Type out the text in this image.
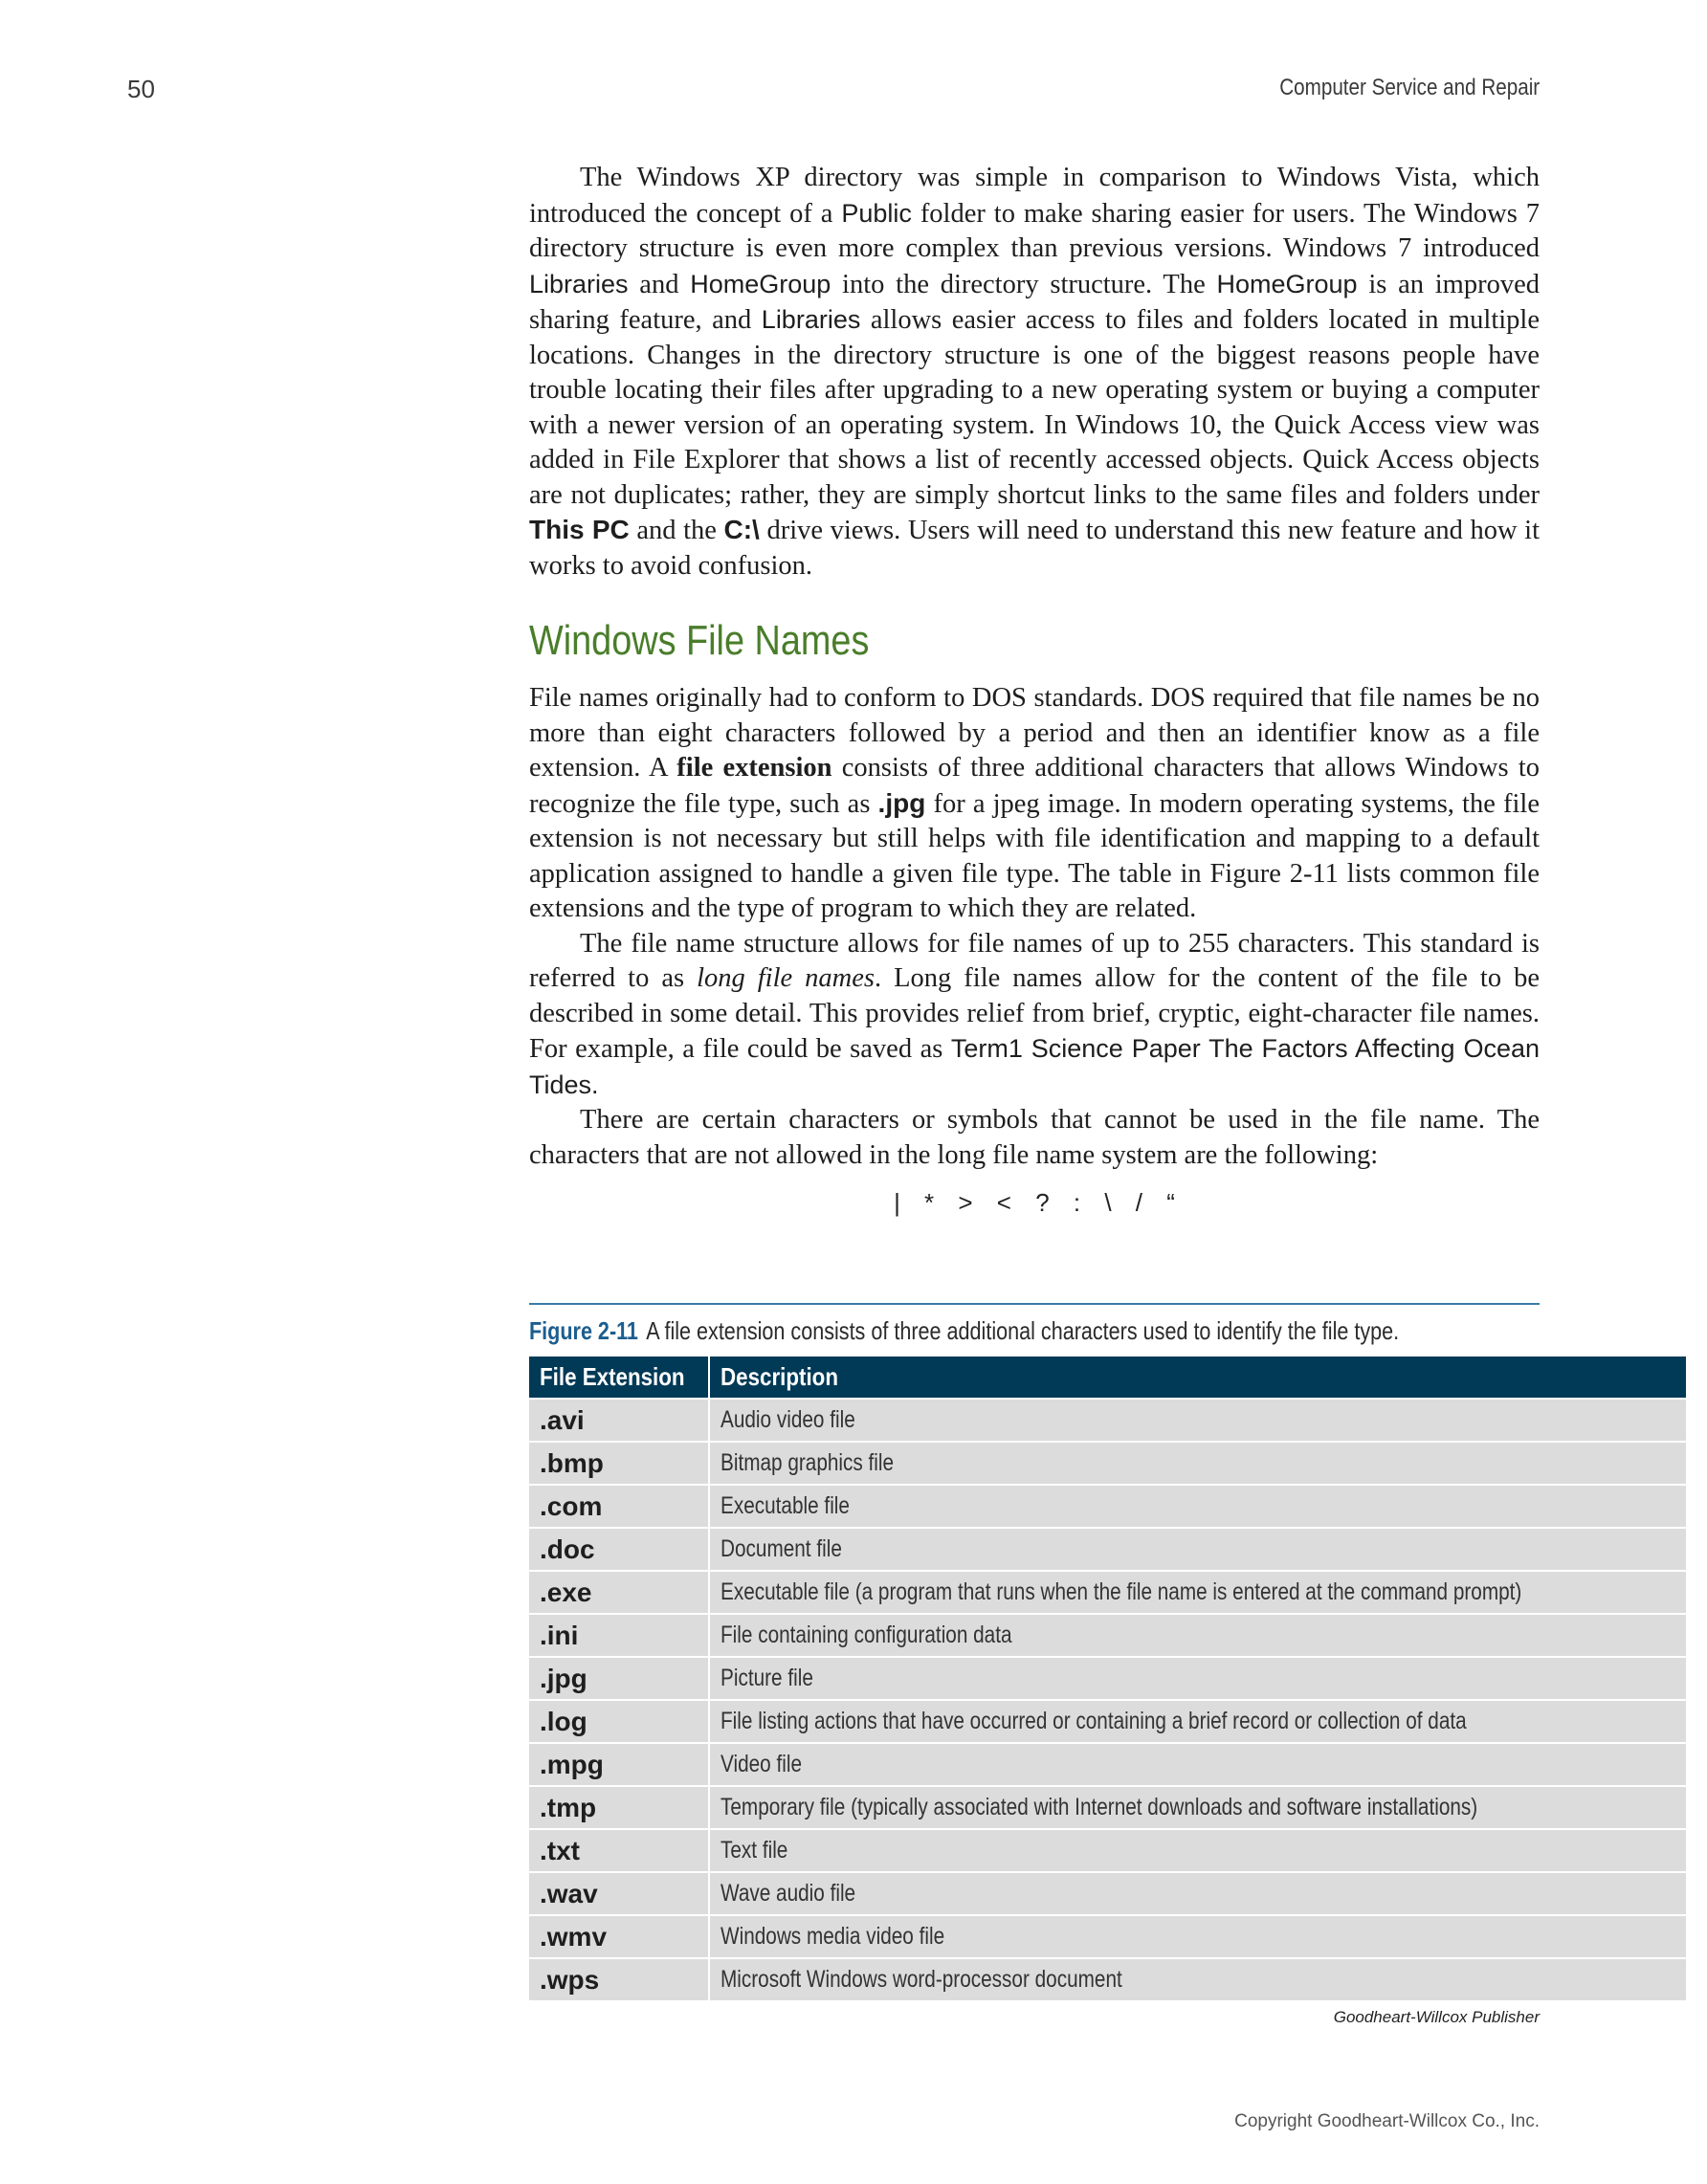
50	Computer Service and Repair

The Windows XP directory was simple in comparison to Windows Vista, which introduced the concept of a Public folder to make sharing easier for users. The Windows 7 directory structure is even more complex than previous versions. Windows 7 introduced Libraries and HomeGroup into the directory structure. The HomeGroup is an improved sharing feature, and Libraries allows easier access to files and folders located in multiple locations. Changes in the directory structure is one of the biggest reasons people have trouble locating their files after upgrading to a new operating system or buying a computer with a newer version of an operating system. In Windows 10, the Quick Access view was added in File Explorer that shows a list of recently accessed objects. Quick Access objects are not duplicates; rather, they are simply shortcut links to the same files and folders under This PC and the C:\ drive views. Users will need to understand this new feature and how it works to avoid confusion.

Windows File Names

File names originally had to conform to DOS standards. DOS required that file names be no more than eight characters followed by a period and then an identifier know as a file extension. A file extension consists of three additional characters that allows Windows to recognize the file type, such as .jpg for a jpeg image. In modern operating systems, the file extension is not necessary but still helps with file identification and mapping to a default application assigned to handle a given file type. The table in Figure 2-11 lists common file extensions and the type of program to which they are related.

The file name structure allows for file names of up to 255 characters. This standard is referred to as long file names. Long file names allow for the content of the file to be described in some detail. This provides relief from brief, cryptic, eight-character file names. For example, a file could be saved as Term1 Science Paper The Factors Affecting Ocean Tides.

There are certain characters or symbols that cannot be used in the file name. The characters that are not allowed in the long file name system are the following:

| * > < ? : \ / “
Figure 2-11 A file extension consists of three additional characters used to identify the file type.
File Extension	Description
.avi	Audio video file
.bmp	Bitmap graphics file
.com	Executable file
.doc	Document file
.exe	Executable file (a program that runs when the file name is entered at the command prompt)
.ini	File containing configuration data
.jpg	Picture file
.log	File listing actions that have occurred or containing a brief record or collection of data
.mpg	Video file
.tmp	Temporary file (typically associated with Internet downloads and software installations)
.txt	Text file
.wav	Wave audio file
.wmv	Windows media video file
.wps	Microsoft Windows word-processor document
Goodheart-Willcox Publisher
Copyright Goodheart-Willcox Co., Inc.
